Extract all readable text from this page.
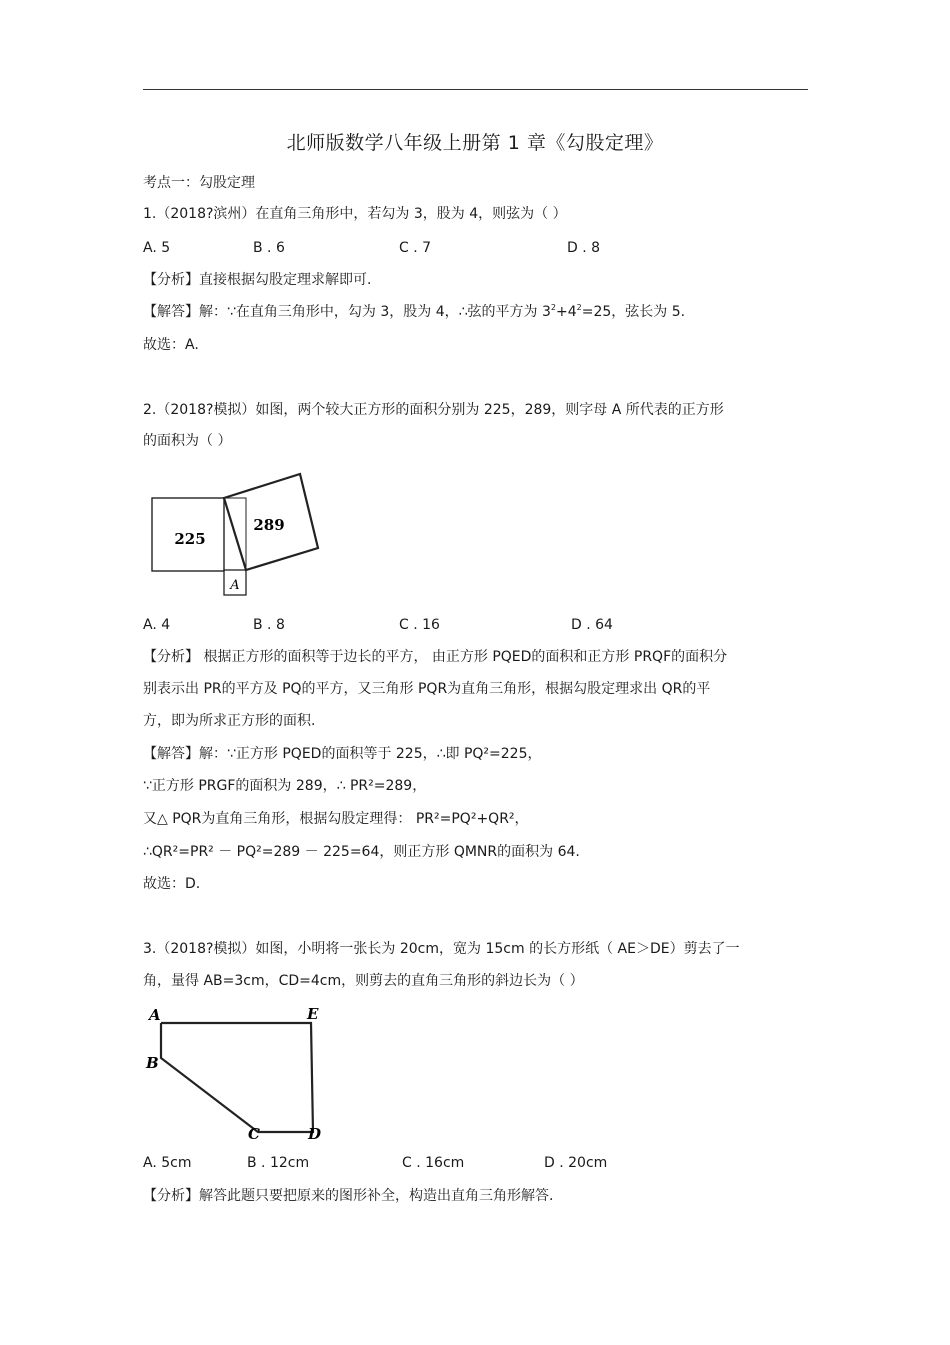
北师版数学八年级上册第 1 章《勾股定理》
考点一：勾股定理
1.（2018?滨州）在直角三角形中，若勾为 3，股为 4，则弦为（ ）
A. 5	B . 6	C . 7	D . 8
【分析】直接根据勾股定理求解即可.
【解答】解：∵在直角三角形中，勾为 3，股为 4，∴弦的平方为 $3^2+4^2=25$，弦长为 5.
故选：A.
2.（2018?模拟）如图，两个较大正方形的面积分别为 225，289，则字母 A 所代表的正方形
的面积为（ ）
225
289
A
A. 4	B . 8	C . 16	D . 64
【分析】 根据正方形的面积等于边长的平方， 由正方形 PQED的面积和正方形 PRQF的面积分
别表示出 PR的平方及 PQ的平方，又三角形 PQR为直角三角形，根据勾股定理求出 QR的平
方，即为所求正方形的面积.
【解答】解：∵正方形 PQED的面积等于 225，∴即 PQ²=225，
∵正方形 PRGF的面积为 289，∴ PR²=289，
又△ PQR为直角三角形，根据勾股定理得： PR²=PQ²+QR²，
∴QR²=PR² － PQ²=289 － 225=64，则正方形 QMNR的面积为 64.
故选：D.
3.（2018?模拟）如图，小明将一张长为 20cm，宽为 15cm 的长方形纸（ AE＞DE）剪去了一
角，量得 AB=3cm，CD=4cm，则剪去的直角三角形的斜边长为（ ）
A	E
B
C	D
A. 5cm	B . 12cm	C . 16cm	D . 20cm
【分析】解答此题只要把原来的图形补全，构造出直角三角形解答.
